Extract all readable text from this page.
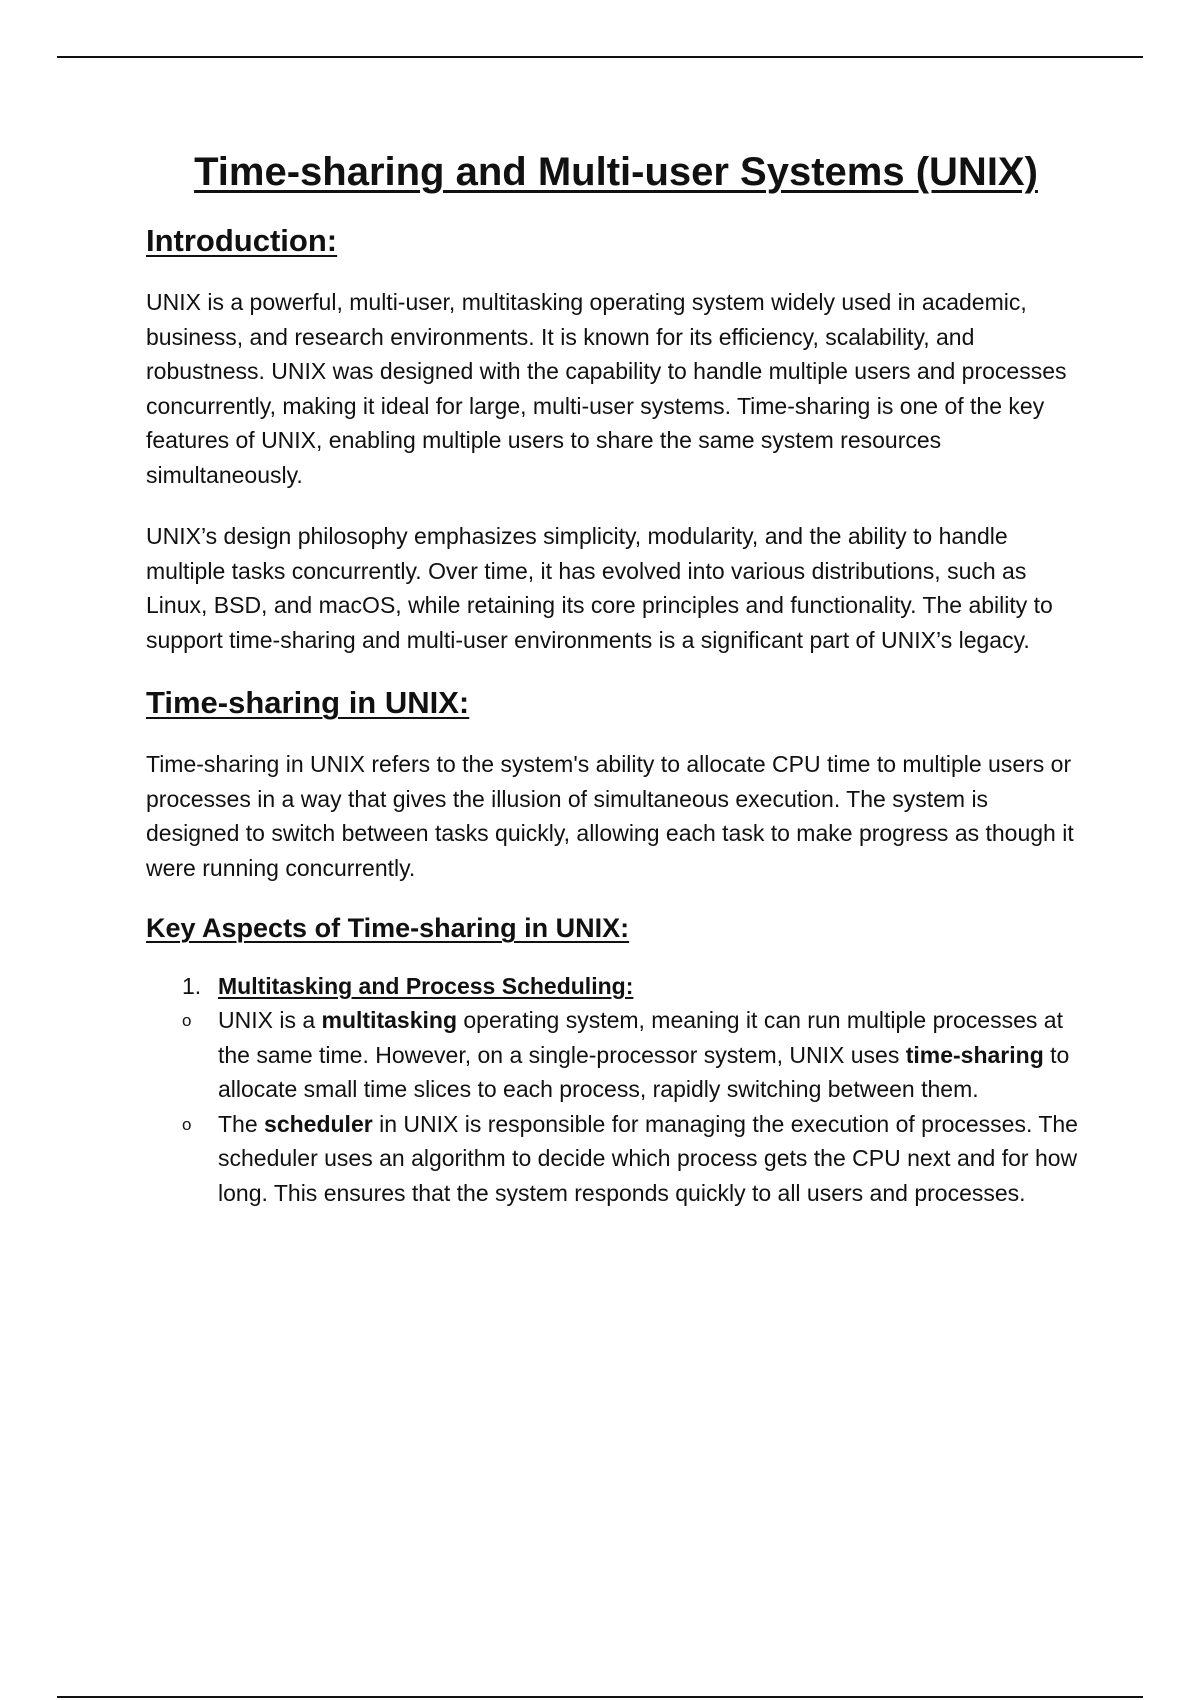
Time-sharing and Multi-user Systems (UNIX)
Introduction:

UNIX is a powerful, multi-user, multitasking operating system widely used in academic, business, and research environments. It is known for its efficiency, scalability, and robustness. UNIX was designed with the capability to handle multiple users and processes concurrently, making it ideal for large, multi-user systems. Time-sharing is one of the key features of UNIX, enabling multiple users to share the same system resources simultaneously.

UNIX’s design philosophy emphasizes simplicity, modularity, and the ability to handle multiple tasks concurrently. Over time, it has evolved into various distributions, such as Linux, BSD, and macOS, while retaining its core principles and functionality. The ability to support time-sharing and multi-user environments is a significant part of UNIX’s legacy.

Time-sharing in UNIX:

Time-sharing in UNIX refers to the system's ability to allocate CPU time to multiple users or processes in a way that gives the illusion of simultaneous execution. The system is designed to switch between tasks quickly, allowing each task to make progress as though it were running concurrently.

Key Aspects of Time-sharing in UNIX:
1. Multitasking and Process Scheduling:
o UNIX is a multitasking operating system, meaning it can run multiple processes at the same time. However, on a single-processor system, UNIX uses time-sharing to allocate small time slices to each process, rapidly switching between them.
o The scheduler in UNIX is responsible for managing the execution of processes. The scheduler uses an algorithm to decide which process gets the CPU next and for how long. This ensures that the system responds quickly to all users and processes.
